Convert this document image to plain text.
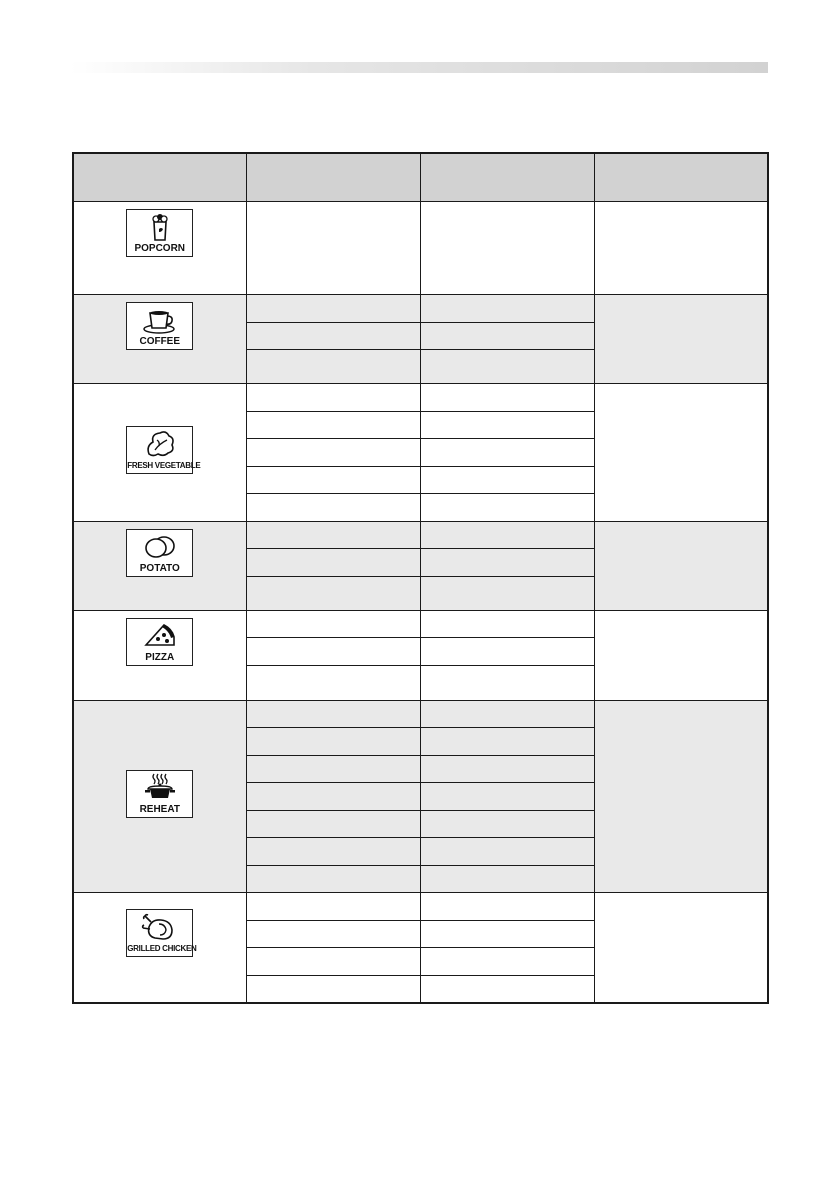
POPCORN			

COFFEE			

FRESH VEGETABLE			

POTATO			

PIZZA			

REHEAT			

GRILLED CHICKEN			
